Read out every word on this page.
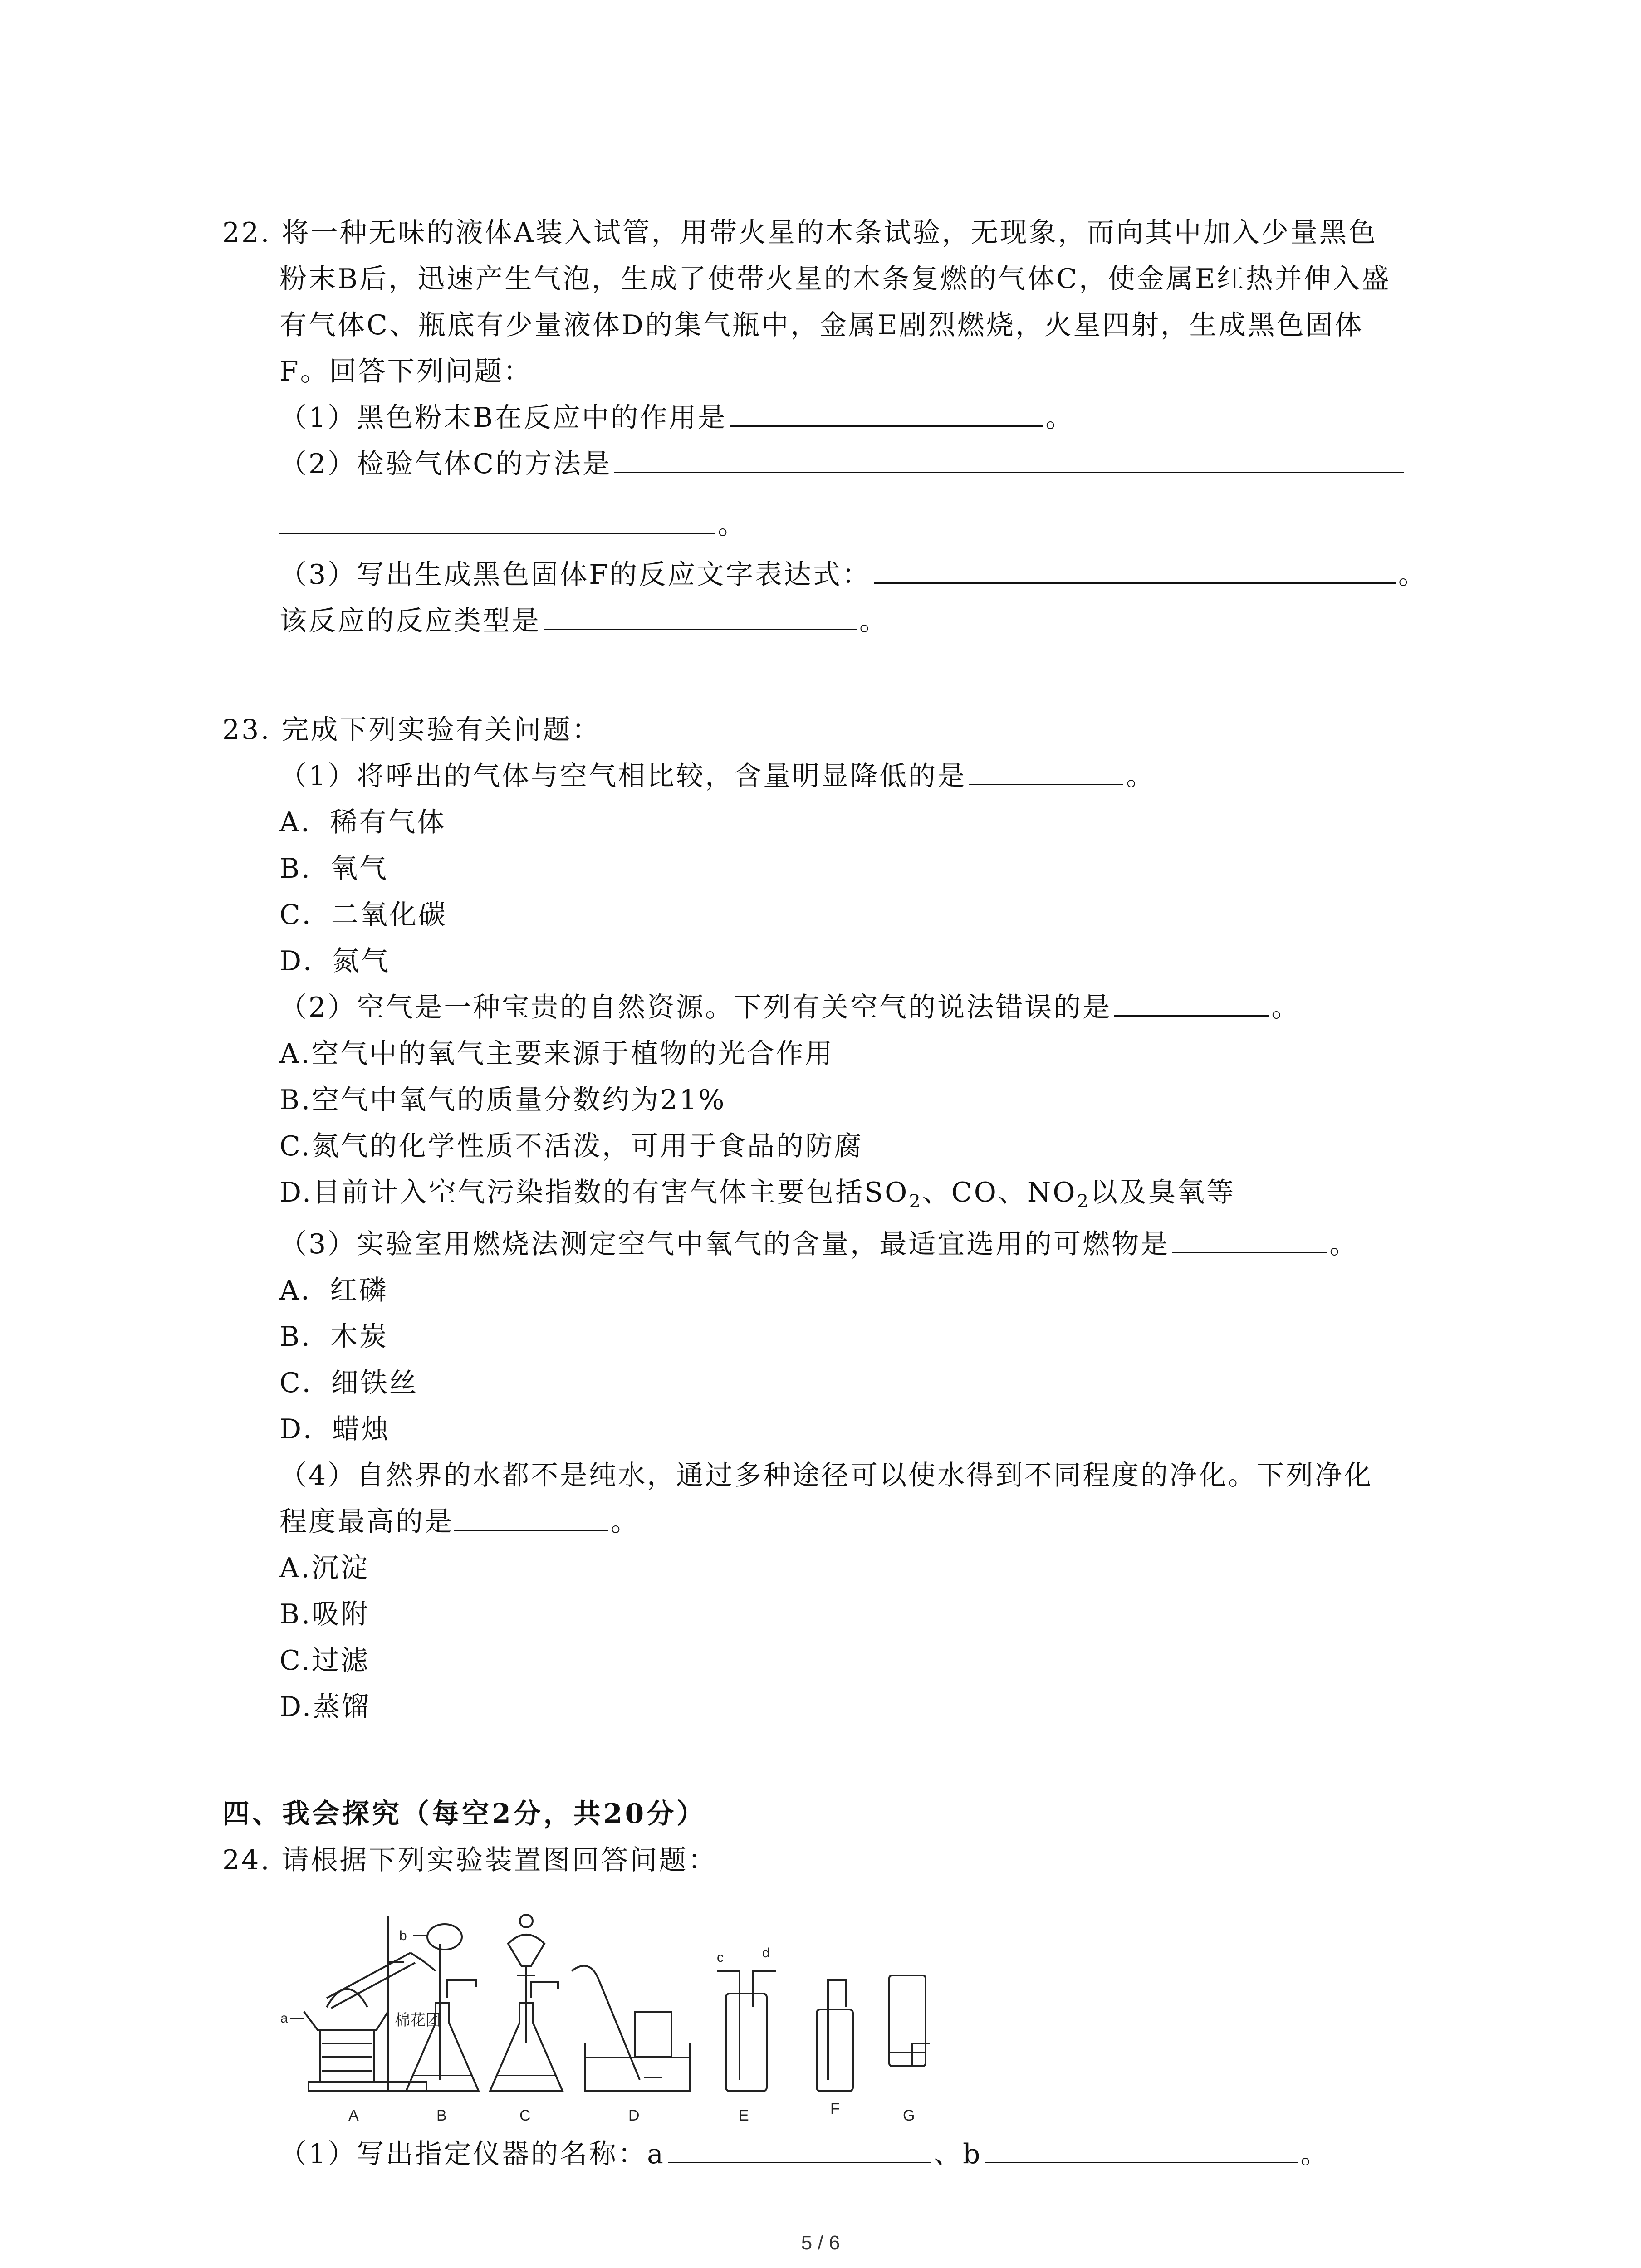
22. 将一种无味的液体A装入试管，用带火星的木条试验，无现象，而向其中加入少量黑色
粉末B后，迅速产生气泡，生成了使带火星的木条复燃的气体C，使金属E红热并伸入盛
有气体C、瓶底有少量液体D的集气瓶中，金属E剧烈燃烧，火星四射，生成黑色固体
F。回答下列问题：
（1）黑色粉末B在反应中的作用是	。
（2）检验气体C的方法是
。
（3）写出生成黑色固体F的反应文字表达式：	。
该反应的反应类型是	。
23. 完成下列实验有关问题：
（1）将呼出的气体与空气相比较，含量明显降低的是	。
A．稀有气体
B．氧气
C．二氧化碳
D．氮气
（2）空气是一种宝贵的自然资源。下列有关空气的说法错误的是	。
A.空气中的氧气主要来源于植物的光合作用
B.空气中氧气的质量分数约为21%
C.氮气的化学性质不活泼，可用于食品的防腐
D.目前计入空气污染指数的有害气体主要包括$SO_2$、CO、$NO_2$以及臭氧等
（3）实验室用燃烧法测定空气中氧气的含量，最适宜选用的可燃物是	。
A．红磷
B．木炭
C．细铁丝
D．蜡烛
（4）自然界的水都不是纯水，通过多种途径可以使水得到不同程度的净化。下列净化
程度最高的是	。
A.沉淀
B.吸附
C.过滤
D.蒸馏
四、我会探究（每空2分，共20分）
24. 请根据下列实验装置图回答问题：
a	棉花团
A
b
B	C	D
c	d
E	F	G
（1）写出指定仪器的名称：a	、b	。
5 / 6
